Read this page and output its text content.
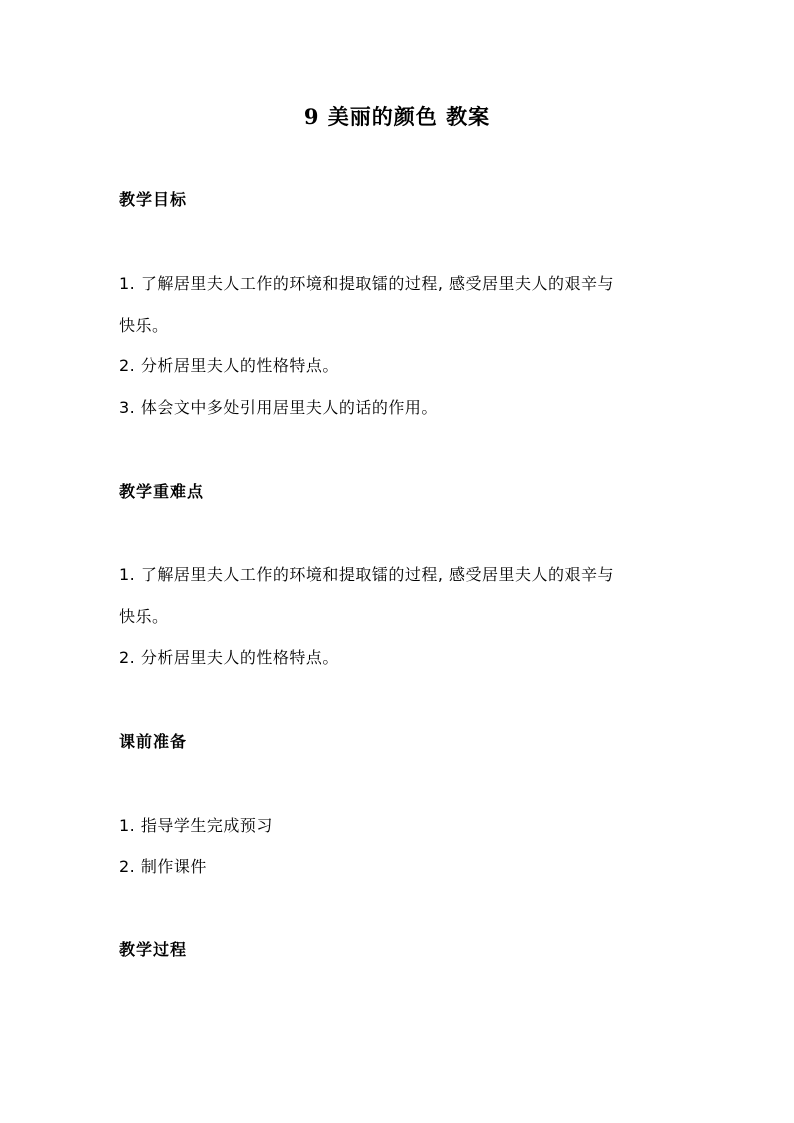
9 美丽的颜色 教案
教学目标
1. 了解居里夫人工作的环境和提取镭的过程, 感受居里夫人的艰辛与
快乐。
2. 分析居里夫人的性格特点。
3. 体会文中多处引用居里夫人的话的作用。
教学重难点
1. 了解居里夫人工作的环境和提取镭的过程, 感受居里夫人的艰辛与
快乐。
2. 分析居里夫人的性格特点。
课前准备
1. 指导学生完成预习
2. 制作课件
教学过程
